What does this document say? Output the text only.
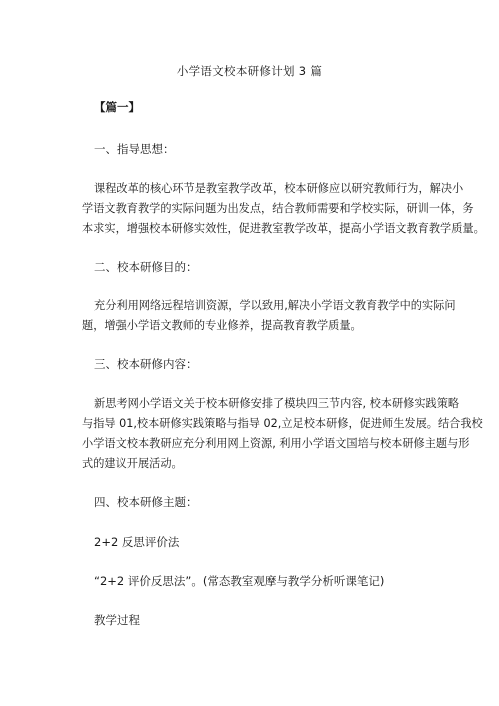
小学语文校本研修计划 3 篇
【篇一】
一、指导思想：
课程改革的核心环节是教室教学改革，校本研修应以研究教师行为，解决小
学语文教育教学的实际问题为出发点，结合教师需要和学校实际，研训一体，务
本求实，增强校本研修实效性，促进教室教学改革，提高小学语文教育教学质量。
二、校本研修目的：
充分利用网络远程培训资源，学以致用,解决小学语文教育教学中的实际问
题，增强小学语文教师的专业修养，提高教育教学质量。
三、校本研修内容：
新思考网小学语文关于校本研修安排了模块四三节内容, 校本研修实践策略
与指导 01,校本研修实践策略与指导 02,立足校本研修，促进师生发展。结合我校
小学语文校本教研应充分利用网上资源, 利用小学语文国培与校本研修主题与形
式的建议开展活动。
四、校本研修主题：
2+2 反思评价法
“2+2 评价反思法”。(常态教室观摩与教学分析听课笔记)
教学过程
